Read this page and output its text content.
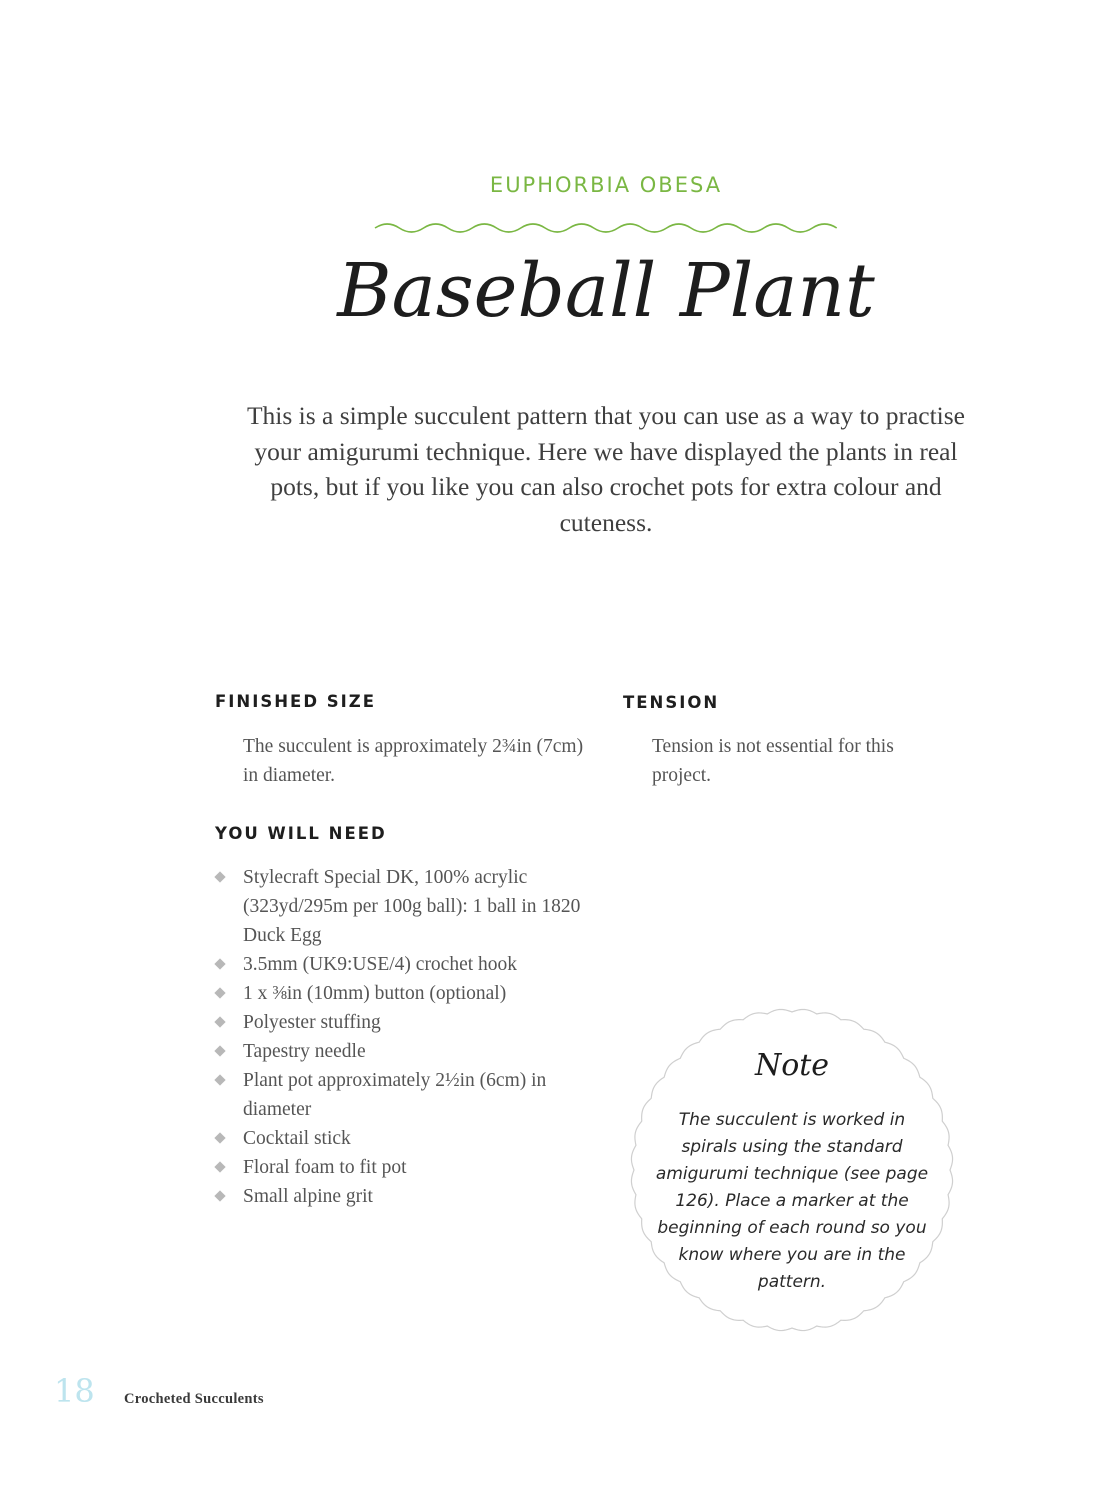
EUPHORBIA OBESA
Baseball Plant

This is a simple succulent pattern that you can use as a way to practise your amigurumi technique. Here we have displayed the plants in real pots, but if you like you can also crochet pots for extra colour and cuteness.

FINISHED SIZE

The succulent is approximately 2¾in (7cm) in diameter.

TENSION

Tension is not essential for this project.

YOU WILL NEED
Stylecraft Special DK, 100% acrylic (323yd/295m per 100g ball): 1 ball in 1820 Duck Egg
3.5mm (UK9:USE/4) crochet hook
1 x ⅜in (10mm) button (optional)
Polyester stuffing
Tapestry needle
Plant pot approximately 2½in (6cm) in diameter
Cocktail stick
Floral foam to fit pot
Small alpine grit
Note

The succulent is worked in spirals using the standard amigurumi technique (see page 126). Place a marker at the beginning of each round so you know where you are in the pattern.

18 Crocheted Succulents
